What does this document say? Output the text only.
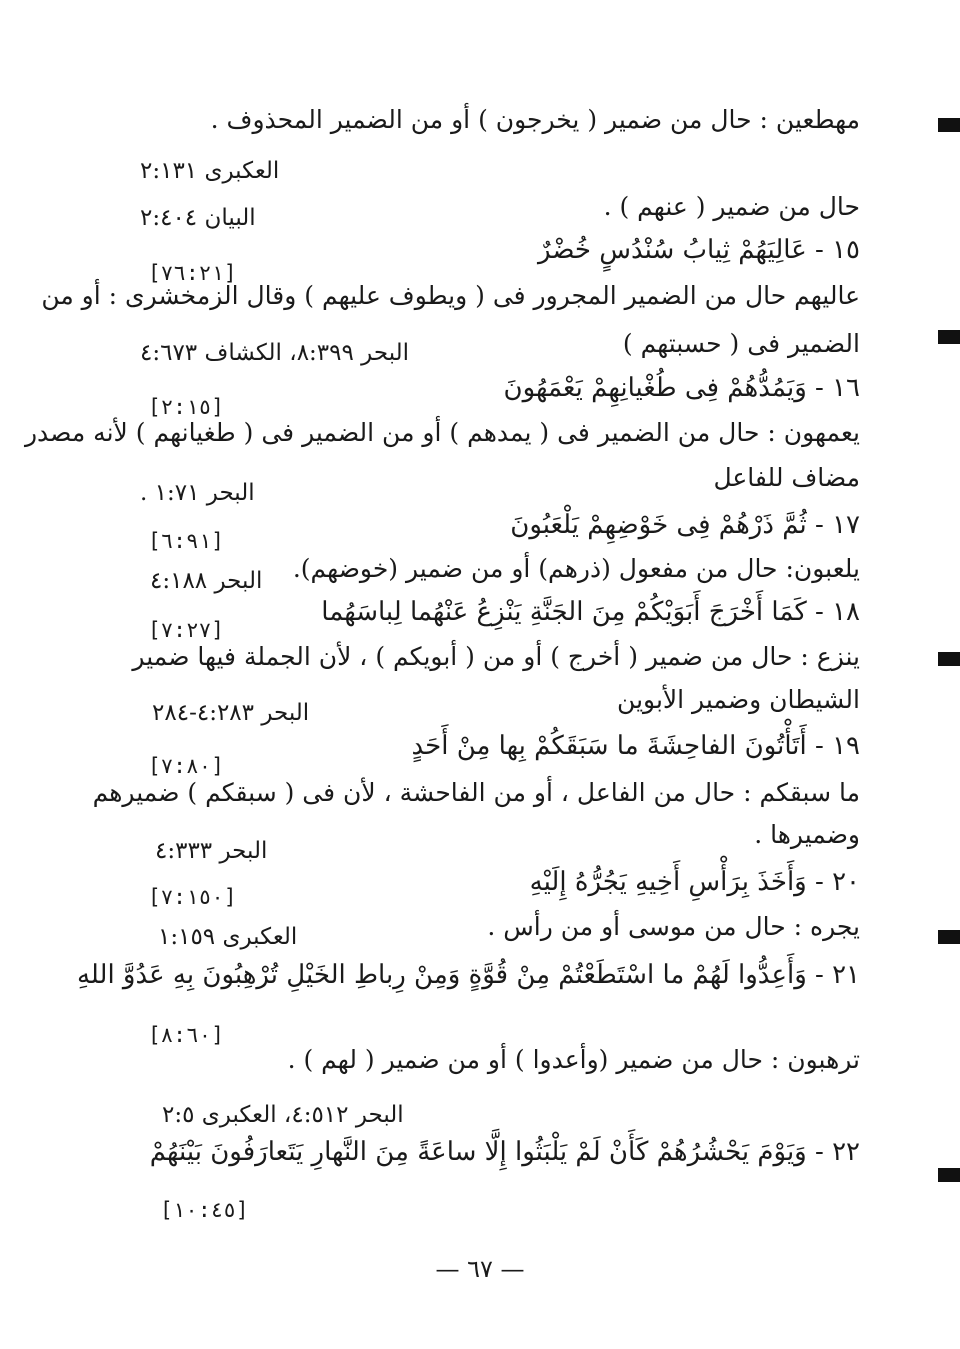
مهطعين : حال من ضمير ( يخرجون ) أو من الضمير المحذوف .
العكبرى ٢:١٣١
حال من ضمير ( عنهم ) .
البيان ٢:٤٠٤
١٥ - عَالِيَهُمْ ثِيابُ سُنْدُسٍ خُضْرٌ
[٧٦:٢١]
عاليهم حال من الضمير المجرور فى ( ويطوف عليهم ) وقال الزمخشرى : أو من
الضمير فى ( حسبتهم )
البحر ٨:٣٩٩، الكشاف ٤:٦٧٣
١٦ - وَيَمُدُّهُمْ فِى طُغْيانِهِمْ يَعْمَهُونَ
[٢:١٥]
يعمهون : حال من الضمير فى ( يمدهم ) أو من الضمير فى ( طغيانهم ) لأنه مصدر
مضاف للفاعل
البحر ١:٧١ .
١٧ - ثُمَّ ذَرْهُمْ فِى خَوْضِهِمْ يَلْعَبُونَ
[٦:٩١]
يلعبون: حال من مفعول (ذرهم) أو من ضمير (خوضهم).
البحر ٤:١٨٨
١٨ - كَمَا أَخْرَجَ أَبَوَيْكُمْ مِنَ الجَنَّةِ يَنْزِعُ عَنْهُما لِباسَهُما
[٧:٢٧]
ينزع : حال من ضمير ( أخرج ) أو من ( أبويكم ) ، لأن الجملة فيها ضمير
الشيطان وضمير الأبوين
البحر ٤:٢٨٣-٢٨٤
١٩ - أَتَأْتُونَ الفاحِشَةَ ما سَبَقَكُمْ بِها مِنْ أَحَدٍ
[٧:٨٠]
ما سبقكم : حال من الفاعل ، أو من الفاحشة ، لأن فى ( سبقكم ) ضميرهم
وضميرها .
البحر ٤:٣٣٣
٢٠ - وَأَخَذَ بِرَأْسِ أَخِيهِ يَجُرُّهُ إِلَيْهِ
[٧:١٥٠]
يجره : حال من موسى أو من رأس .
العكبرى ١:١٥٩
٢١ - وَأَعِدُّوا لَهُمْ ما اسْتَطَعْتُمْ مِنْ قُوَّةٍ وَمِنْ رِباطِ الخَيْلِ تُرْهِبُونَ بِهِ عَدُوَّ اللهِ
[٨:٦٠]
ترهبون : حال من ضمير (وأعدوا ) أو من ضمير ( لهم ) .
البحر ٤:٥١٢، العكبرى ٢:٥
٢٢ - وَيَوْمَ يَحْشُرُهُمْ كَأَنْ لَمْ يَلْبَثُوا إِلَّا ساعَةً مِنَ النَّهارِ يَتَعارَفُونَ بَيْنَهُمْ
[١٠:٤٥]
— ٦٧ —
